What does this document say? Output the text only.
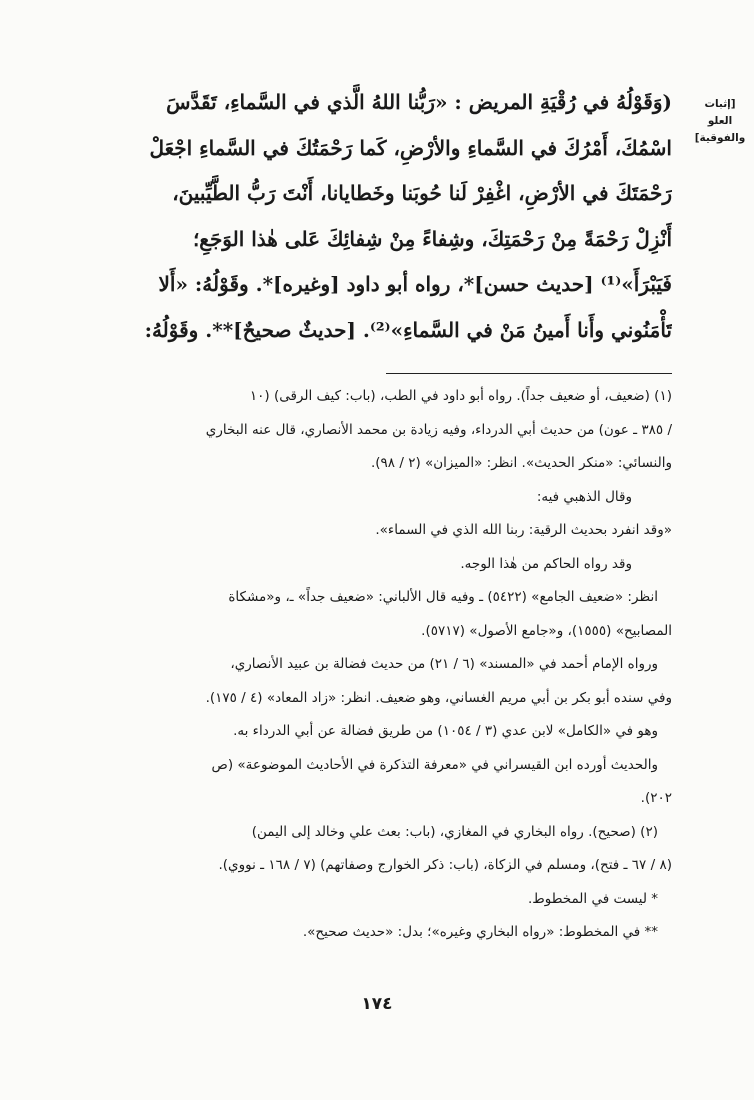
[إثبات العلو والفوقية]
(وَقَوْلُهُ في رُقْيَةِ المريض : «رَبُّنا اللهُ الَّذي في السَّماءِ، تَقَدَّسَ
اسْمُكَ، أَمْرُكَ في السَّماءِ والأرْضِ، كَما رَحْمَتُكَ في السَّماءِ اجْعَلْ
رَحْمَتَكَ في الأرْضِ، اغْفِرْ لَنا حُوبَنا وخَطايانا، أَنْتَ رَبُّ الطَّيِّبينَ،
أَنْزِلْ رَحْمَةً مِنْ رَحْمَتِكَ، وشِفاءً مِنْ شِفائِكَ عَلى هٰذا الوَجَعِ؛
فَيَبْرَأَ»⁽¹⁾ [حديث حسن]*، رواه أبو داود [وغيره]*. وقَوْلُهُ: «أَلا
تَأْمَنُوني وأَنا أَمينُ مَنْ في السَّماءِ»⁽²⁾. [حديثٌ صحيحٌ]**. وقَوْلُهُ:
(١) (ضعيف، أو ضعيف جداً). رواه أبو داود في الطب، (باب: كيف الرقى) (١٠
/ ٣٨٥ ـ عون) من حديث أبي الدرداء، وفيه زيادة بن محمد الأنصاري، قال عنه البخاري
والنسائي: «منكر الحديث». انظر: «الميزان» (٢ / ٩٨).
وقال الذهبي فيه:
«وقد انفرد بحديث الرقية: ربنا الله الذي في السماء».
وقد رواه الحاكم من هٰذا الوجه.
انظر: «ضعيف الجامع» (٥٤٢٢) ـ وفيه قال الألباني: «ضعيف جداً» ـ، و«مشكاة
المصابيح» (١٥٥٥)، و«جامع الأصول» (٥٧١٧).
ورواه الإمام أحمد في «المسند» (٦ / ٢١) من حديث فضالة بن عبيد الأنصاري،
وفي سنده أبو بكر بن أبي مريم الغساني، وهو ضعيف. انظر: «زاد المعاد» (٤ / ١٧٥).
وهو في «الكامل» لابن عدي (٣ / ١٠٥٤) من طريق فضالة عن أبي الدرداء به.
والحديث أورده ابن القيسراني في «معرفة التذكرة في الأحاديث الموضوعة» (ص
٢٠٢).
(٢) (صحيح). رواه البخاري في المغازي، (باب: بعث علي وخالد إلى اليمن)
(٨ / ٦٧ ـ فتح)، ومسلم في الزكاة، (باب: ذكر الخوارج وصفاتهم) (٧ / ١٦٨ ـ نووي).
* ليست في المخطوط.
** في المخطوط: «رواه البخاري وغيره»؛ بدل: «حديث صحيح».
١٧٤
